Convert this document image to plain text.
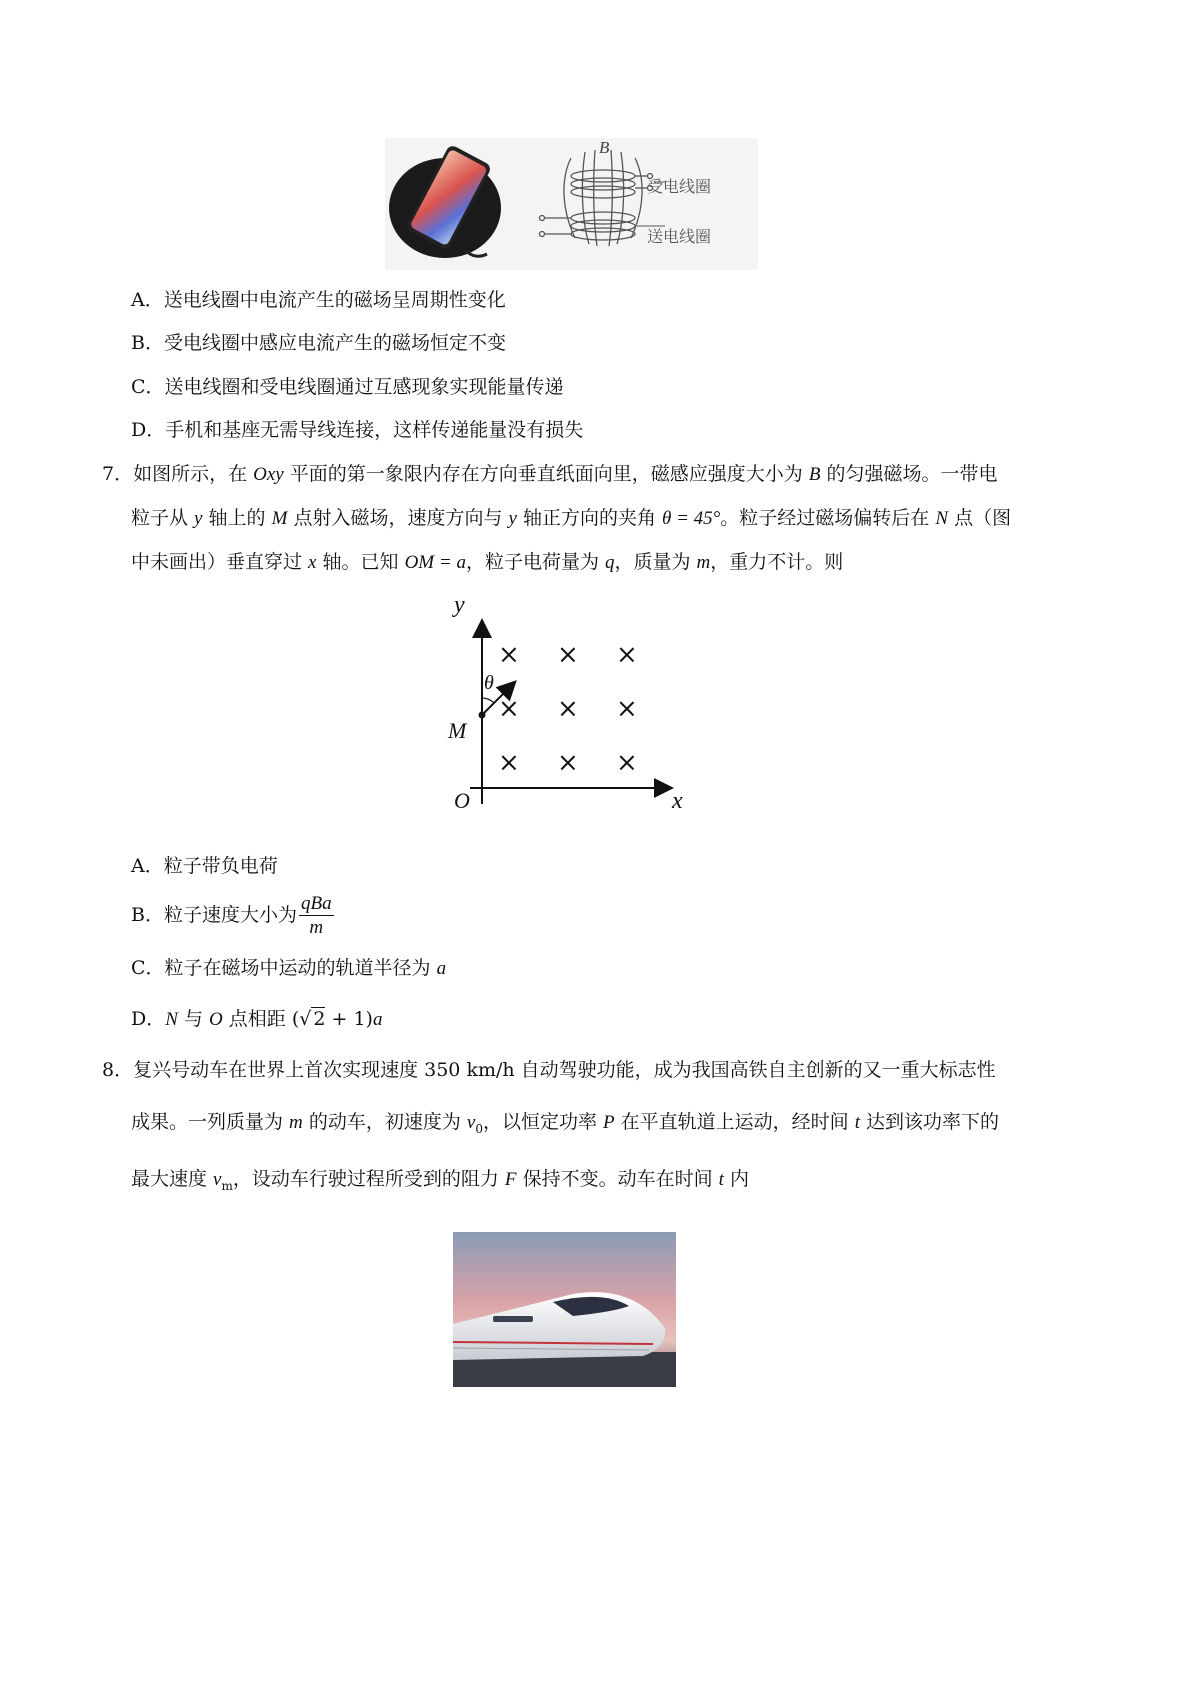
B
受电线圈
送电线圈
A．送电线圈中电流产生的磁场呈周期性变化
B．受电线圈中感应电流产生的磁场恒定不变
C．送电线圈和受电线圈通过互感现象实现能量传递
D．手机和基座无需导线连接，这样传递能量没有损失
7．如图所示，在 Oxy 平面的第一象限内存在方向垂直纸面向里，磁感应强度大小为 B 的匀强磁场。一带电
粒子从 y 轴上的 M 点射入磁场，速度方向与 y 轴正方向的夹角 θ = 45°。粒子经过磁场偏转后在 N 点（图
中未画出）垂直穿过 x 轴。已知 OM = a，粒子电荷量为 q，质量为 m，重力不计。则
y
x
M
O
θ
× × ×
× × ×
× × ×
A．粒子带负电荷
B．粒子速度大小为 $\frac{\text{qBa}}{m}$
C．粒子在磁场中运动的轨道半径为 a
D．N 与 O 点相距 (√ 2 + 1)a
8．复兴号动车在世界上首次实现速度 350 km/h 自动驾驶功能，成为我国高铁自主创新的又一重大标志性
成果。一列质量为 m 的动车，初速度为 $v_0$，以恒定功率 P 在平直轨道上运动，经时间 t 达到该功率下的
最大速度 $v_m$，设动车行驶过程所受到的阻力 F 保持不变。动车在时间 t 内
